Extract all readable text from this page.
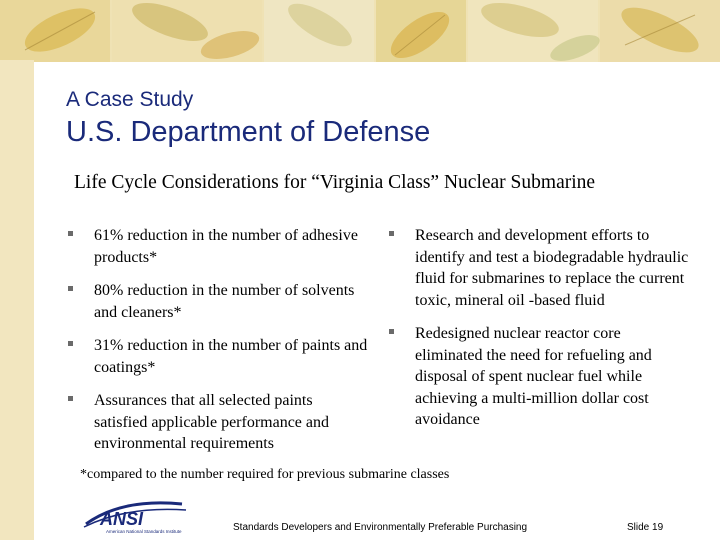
A Case Study
U.S. Department of Defense
Life Cycle Considerations for “Virginia Class” Nuclear Submarine
61% reduction in the number of adhesive products*
80% reduction in the number of solvents and cleaners*
31% reduction in the number of paints and coatings*
Assurances that all selected paints satisfied applicable performance and environmental requirements
Research and development efforts to identify and test a biodegradable hydraulic fluid for submarines to replace the current toxic, mineral oil -based fluid
Redesigned nuclear reactor core eliminated the need for refueling and disposal of spent nuclear fuel while achieving a multi-million dollar cost avoidance
*compared to the number required for previous submarine classes
ANSI
American National Standards Institute	Standards Developers and Environmentally Preferable Purchasing	Slide 19
